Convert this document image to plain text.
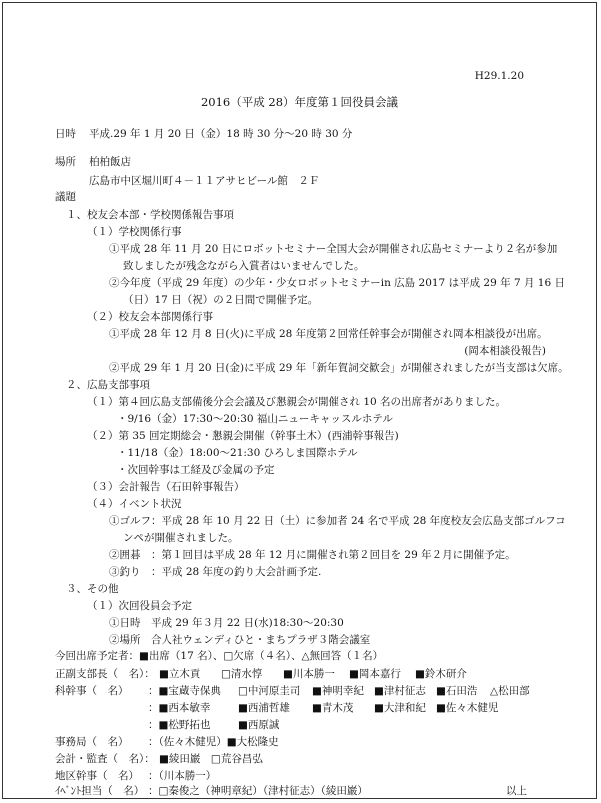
H29.1.20
2016（平成 28）年度第１回役員会議
日時 平成.29 年 1 月 20 日（金）18 時 30 分～20 時 30 分
場所 柏柏飯店
広島市中区堀川町４－１１アサヒビール館　２Ｆ
議題
１、校友会本部・学校関係報告事項
（１）学校関係行事
①平成 28 年 11 月 20 日にロボットセミナー全国大会が開催され広島セミナーより２名が参加
致しましたが残念ながら入賞者はいませんでした。
②今年度（平成 29 年度）の少年・少女ロボットセミナーin 広島 2017 は平成 29 年 7 月 16 日
（日）17 日（祝）の２日間で開催予定。
（２）校友会本部関係行事
①平成 28 年 12 月 8 日(火)に平成 28 年度第２回常任幹事会が開催され岡本相談役が出席。
(岡本相談役報告)
②平成 29 年 1 月 20 日(金)に平成 29 年「新年賀詞交歓会」が開催されましたが当支部は欠席。
２、広島支部事項
（１）第４回広島支部備後分会会議及び懇親会が開催され 10 名の出席者がありました。
・9/16（金）17:30～20:30 福山ニューキャッスルホテル
（２）第 35 回定期総会・懇親会開催（幹事土木）(西浦幹事報告)
・11/18（金）18:00～21:30 ひろしま国際ホテル
・次回幹事は工経及び金属の予定
（３）会計報告（石田幹事報告）
（４）イベント状況
①ゴルフ：平成 28 年 10 月 22 日（土）に参加者 24 名で平成 28 年度校友会広島支部ゴルフコ
ンペが開催されました。
②囲碁　：第１回目は平成 28 年 12 月に開催され第２回目を 29 年２月に開催予定。
③釣り　：平成 28 年度の釣り大会計画予定.
３、その他
（１）次回役員会予定
①日時　平成 29 年３月 22 日(水)18:30～20:30
②場所　合人社ウェンディひと・まちプラザ３階会議室
今回出席予定者：■出席（17 名）、□欠席（４名）、△無回答（１名）
正副支部長（　名）： ■立木貢 □清水惇 ■川本勝一 ■岡本嘉行 ■鈴木研介
科幹事（　名） ：■宝蔵寺保典 □中河原圭司 ■神明幸紀 ■津村征志 ■石田浩 △松田部
：■西本敏幸	■西浦哲雄 ■青木茂 ■大津和紀 ■佐々木健児
：■松野拓也	■西原誠
事務局（　名） ：（佐々木健児）■大松隆史
会計・監査（　名）： ■綾田巌　□荒谷昌弘
地区幹事（　名） ：（川本勝一）
ｲﾍﾞﾝﾄ担当（　名） ：□秦俊之（神明章紀）（津村征志）（綾田巌）	以上
